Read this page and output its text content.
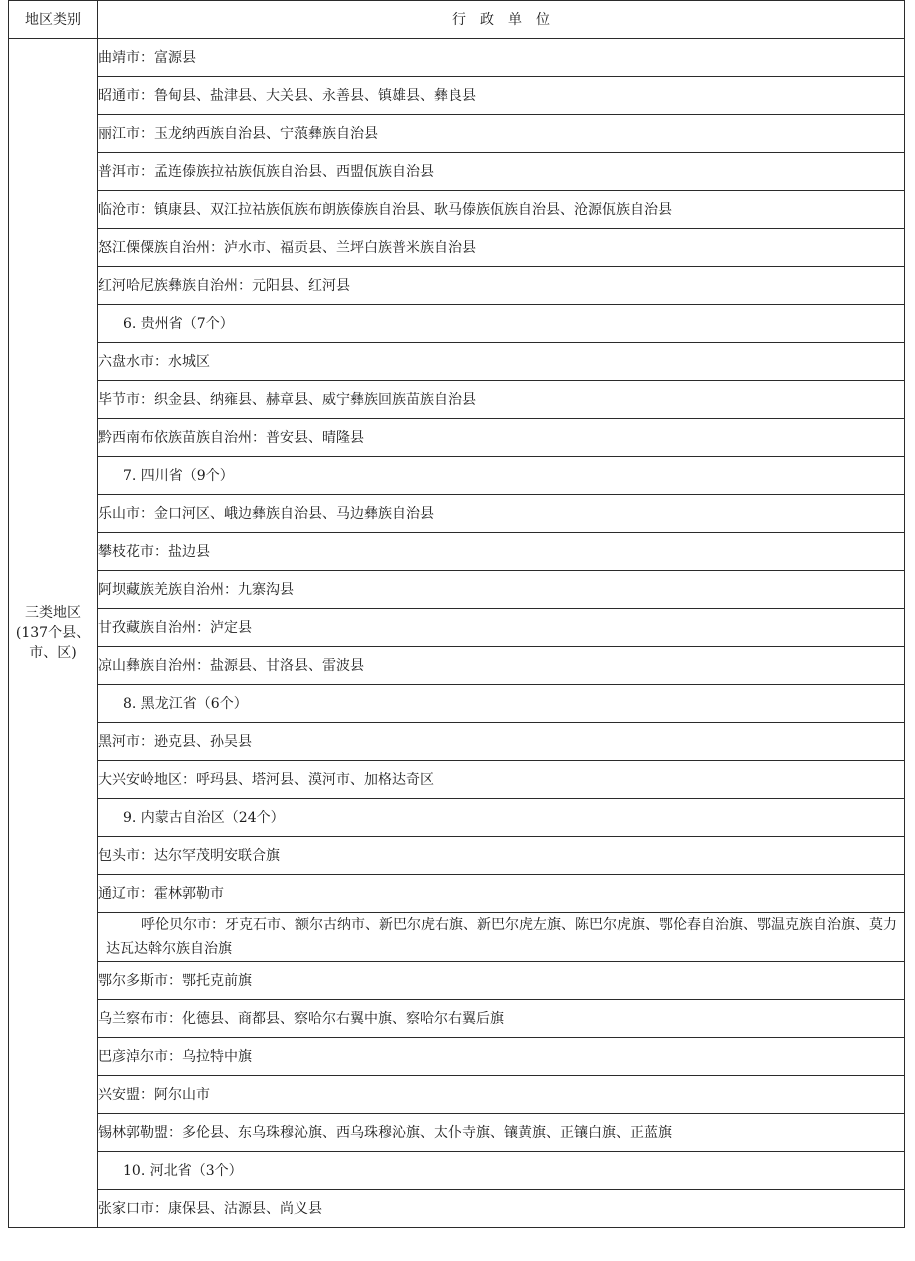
地区类别	行政单位

三类地区
(137个县、
市、区)	曲靖市：富源县
	昭通市：鲁甸县、盐津县、大关县、永善县、镇雄县、彝良县
	丽江市：玉龙纳西族自治县、宁蒗彝族自治县
	普洱市：孟连傣族拉祜族佤族自治县、西盟佤族自治县
	临沧市：镇康县、双江拉祜族佤族布朗族傣族自治县、耿马傣族佤族自治县、沧源佤族自治县
	怒江傈僳族自治州：泸水市、福贡县、兰坪白族普米族自治县
	红河哈尼族彝族自治州：元阳县、红河县
	6. 贵州省（7个）
	六盘水市：水城区
	毕节市：织金县、纳雍县、赫章县、威宁彝族回族苗族自治县
	黔西南布依族苗族自治州：普安县、晴隆县
	7. 四川省（9个）
	乐山市：金口河区、峨边彝族自治县、马边彝族自治县
	攀枝花市：盐边县
	阿坝藏族羌族自治州：九寨沟县
	甘孜藏族自治州：泸定县
	凉山彝族自治州：盐源县、甘洛县、雷波县
	8. 黑龙江省（6个）
	黑河市：逊克县、孙吴县
	大兴安岭地区：呼玛县、塔河县、漠河市、加格达奇区
	9. 内蒙古自治区（24个）
	包头市：达尔罕茂明安联合旗
	通辽市：霍林郭勒市
	呼伦贝尔市：牙克石市、额尔古纳市、新巴尔虎右旗、新巴尔虎左旗、陈巴尔虎旗、鄂伦春自治旗、鄂温克族自治旗、莫力达瓦达斡尔族自治旗
	鄂尔多斯市：鄂托克前旗
	乌兰察布市：化德县、商都县、察哈尔右翼中旗、察哈尔右翼后旗
	巴彦淖尔市：乌拉特中旗
	兴安盟：阿尔山市
	锡林郭勒盟：多伦县、东乌珠穆沁旗、西乌珠穆沁旗、太仆寺旗、镶黄旗、正镶白旗、正蓝旗
	10. 河北省（3个）
	张家口市：康保县、沽源县、尚义县
